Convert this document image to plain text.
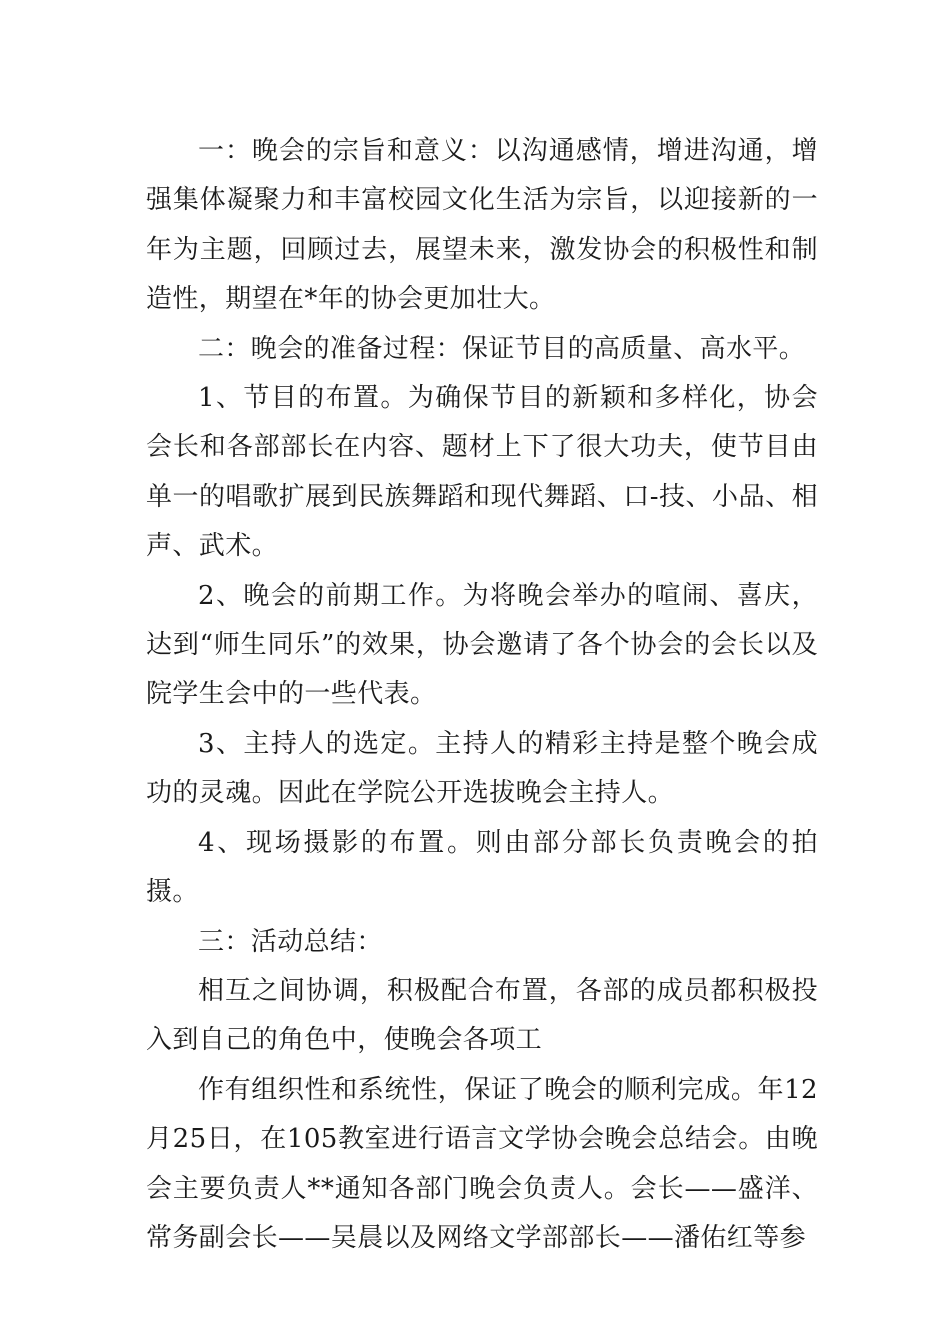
一：晚会的宗旨和意义：以沟通感情，增进沟通，增强集体凝聚力和丰富校园文化生活为宗旨，以迎接新的一年为主题，回顾过去，展望未来，激发协会的积极性和制造性，期望在*年的协会更加壮大。

二：晚会的准备过程：保证节目的高质量、高水平。

1、节目的布置。为确保节目的新颖和多样化，协会会长和各部部长在内容、题材上下了很大功夫，使节目由单一的唱歌扩展到民族舞蹈和现代舞蹈、口-技、小品、相声、武术。

2、晚会的前期工作。为将晚会举办的喧闹、喜庆，达到“师生同乐”的效果，协会邀请了各个协会的会长以及院学生会中的一些代表。

3、主持人的选定。主持人的精彩主持是整个晚会成功的灵魂。因此在学院公开选拔晚会主持人。

4、现场摄影的布置。则由部分部长负责晚会的拍摄。

三：活动总结：

相互之间协调，积极配合布置，各部的成员都积极投入到自己的角色中，使晚会各项工

作有组织性和系统性，保证了晚会的顺利完成。年12月25日，在105教室进行语言文学协会晚会总结会。由晚会主要负责人**通知各部门晚会负责人。会长——盛洋、常务副会长——吴晨以及网络文学部部长——潘佑红等参
